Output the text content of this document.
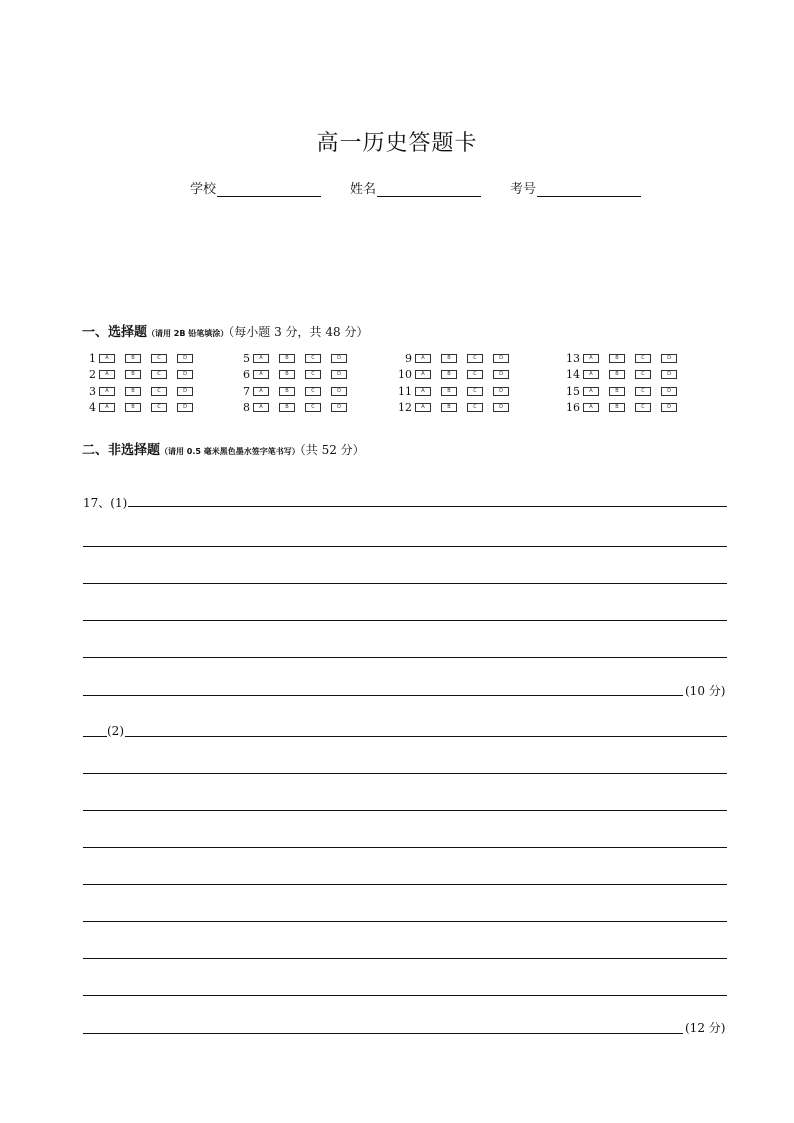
高一历史答题卡
学校	姓名	考号
一、选择题（请用 2B 铅笔填涂）（每小题 3 分，共 48 分）
1	A	B	C	D
2	A	B	C	D
3	A	B	C	D
4	A	B	C	D
5	A	B	C	D
6	A	B	C	D
7	A	B	C	D
8	A	B	C	D
9	A	B	C	D
10	A	B	C	D
11	A	B	C	D
12	A	B	C	D
13	A	B	C	D
14	A	B	C	D
15	A	B	C	D
16	A	B	C	D
二、非选择题（请用 0.5 毫米黑色墨水签字笔书写）（共 52 分）
17、(1)
(10 分)
(2)
(12 分)
